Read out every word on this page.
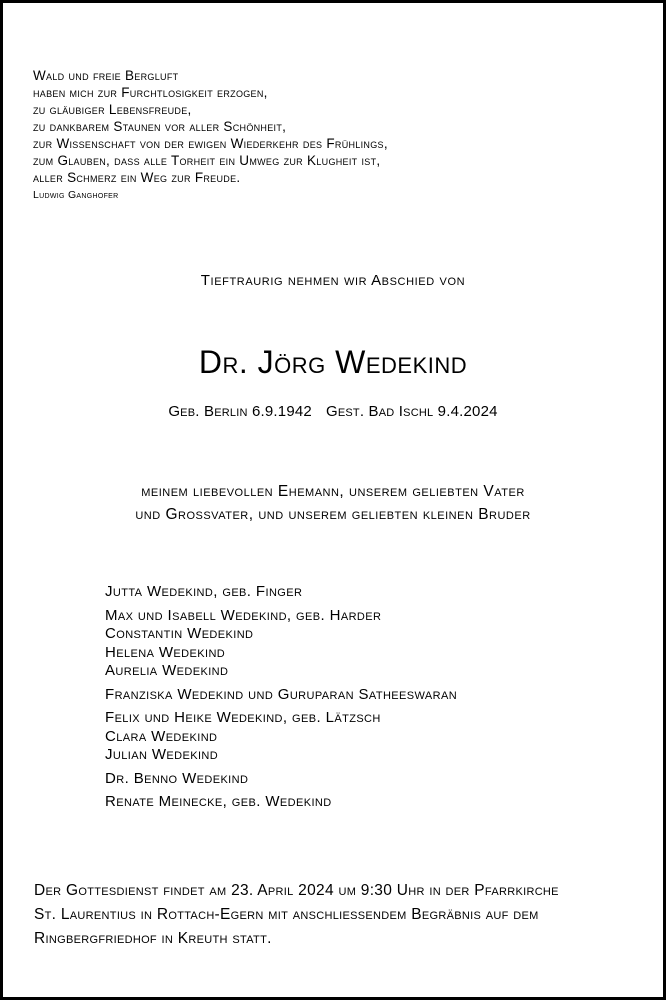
Wald und freie Bergluft
haben mich zur Furchtlosigkeit erzogen,
zu gläubiger Lebensfreude,
zu dankbarem Staunen vor aller Schönheit,
zur Wissenschaft von der ewigen Wiederkehr des Frühlings,
zum Glauben, dass alle Torheit ein Umweg zur Klugheit ist,
aller Schmerz ein Weg zur Freude.
Ludwig Ganghofer
Tieftraurig nehmen wir Abschied von
Dr. Jörg Wedekind
Geb. Berlin 6.9.1942 Gest. Bad Ischl 9.4.2024
meinem liebevollen Ehemann, unserem geliebten Vater
und Grossvater, und unserem geliebten kleinen Bruder
Jutta Wedekind, geb. Finger
Max und Isabell Wedekind, geb. Harder
Constantin Wedekind
Helena Wedekind
Aurelia Wedekind
Franziska Wedekind und Guruparan Satheeswaran
Felix und Heike Wedekind, geb. Lätzsch
Clara Wedekind
Julian Wedekind
Dr. Benno Wedekind
Renate Meinecke, geb. Wedekind
Der Gottesdienst findet am 23. April 2024 um 9:30 Uhr in der Pfarrkirche
St. Laurentius in Rottach-Egern mit anschliessendem Begräbnis auf dem
Ringbergfriedhof in Kreuth statt.
